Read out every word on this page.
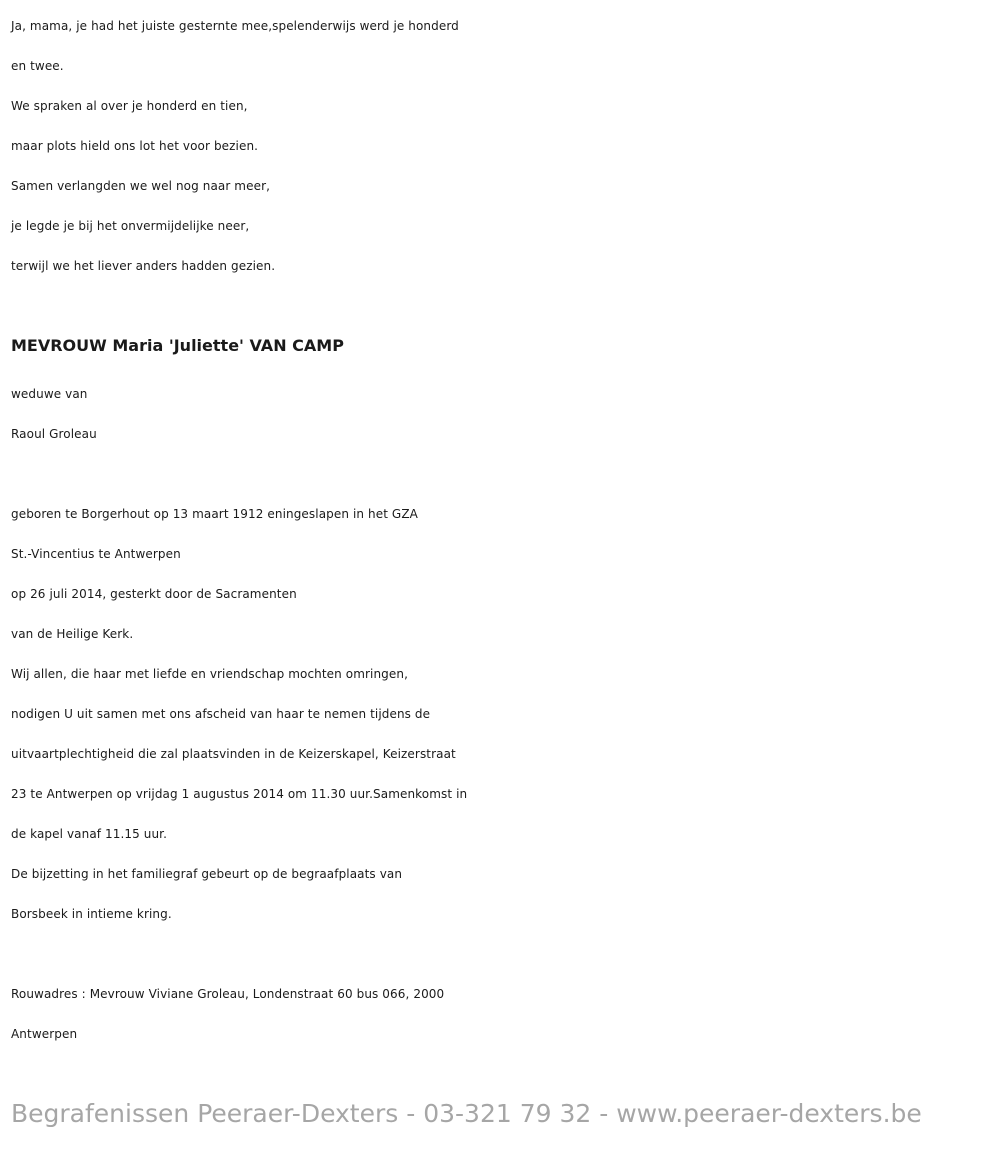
Ja, mama, je had het juiste gesternte mee,spelenderwijs werd je honderd
en twee.
We spraken al over je honderd en tien,
maar plots hield ons lot het voor bezien.
Samen verlangden we wel nog naar meer,
je legde je bij het onvermijdelijke neer,
terwijl we het liever anders hadden gezien.
MEVROUW Maria 'Juliette' VAN CAMP
weduwe van
Raoul Groleau
geboren te Borgerhout op 13 maart 1912 eningeslapen in het GZA
St.-Vincentius te Antwerpen
op 26 juli 2014, gesterkt door de Sacramenten
van de Heilige Kerk.
Wij allen, die haar met liefde en vriendschap mochten omringen,
nodigen U uit samen met ons afscheid van haar te nemen tijdens de
uitvaartplechtigheid die zal plaatsvinden in de Keizerskapel, Keizerstraat
23 te Antwerpen op vrijdag 1 augustus 2014 om 11.30 uur.Samenkomst in
de kapel vanaf 11.15 uur.
De bijzetting in het familiegraf gebeurt op de begraafplaats van
Borsbeek in intieme kring.
Rouwadres : Mevrouw Viviane Groleau, Londenstraat 60 bus 066, 2000
Antwerpen
Begrafenissen Peeraer-Dexters - 03-321 79 32 - www.peeraer-dexters.be
